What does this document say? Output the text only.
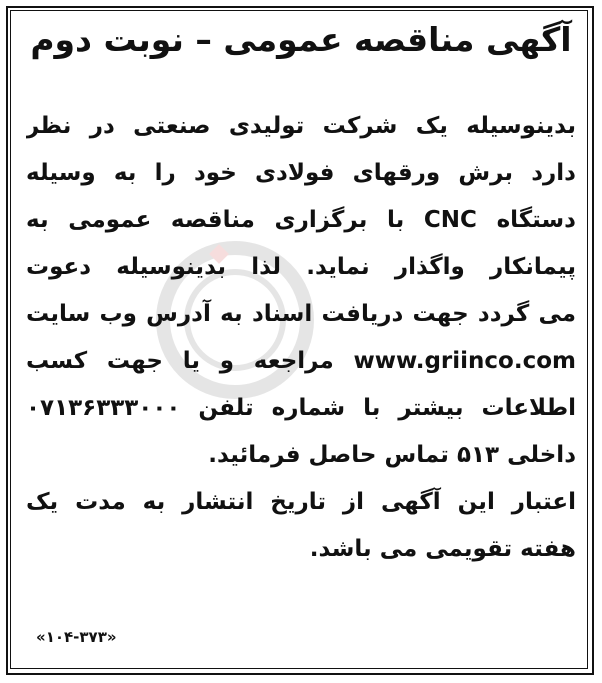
آگهی مناقصه عمومی – نوبت دوم
بدینوسیله یک شرکت تولیدی صنعتی در نظر
دارد برش ورقهای فولادی خود را به وسیله
دستگاه CNC با برگزاری مناقصه عمومی به
پیمانکار واگذار نماید. لذا بدینوسیله دعوت
می گردد جهت دریافت اسناد به آدرس وب سایت
www.griinco.com مراجعه و یا جهت کسب
اطلاعات بیشتر با شماره تلفن ۰۷۱۳۶۳۳۳۰۰۰
داخلی ۵۱۳ تماس حاصل فرمائید.
اعتبار این آگهی از تاریخ انتشار به مدت یک
هفته تقویمی می باشد.
«۱۰۴-۳۷۳»
